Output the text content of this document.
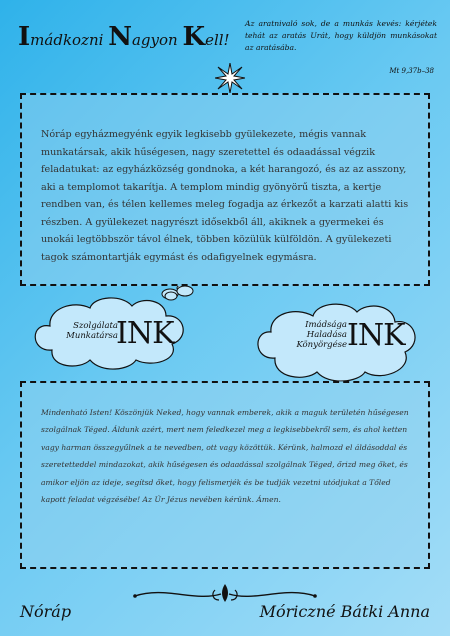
Imádkozni Nagyon Kell!
Az aratnivaló sok, de a munkás kevés: kérjétek tehát az aratás Urát, hogy küldjön munkásokat az aratásába.
Mt 9,37b–38
Nóráp egyházmegyénk egyik legkisebb gyülekezete, mégis vannak munkatársak, akik hűségesen, nagy szeretettel és odaadással végzik feladatukat: az egyházközség gondnoka, a két harangozó, és az az asszony, aki a templomot takarítja. A templom mindig gyönyörű tiszta, a kertje rendben van, és télen kellemes meleg fogadja az érkezőt a karzati alatti kis részben. A gyülekezet nagyrészt idősekből áll, akiknek a gyermekei és unokái legtöbbször távol élnek, többen közülük külföldön. A gyülekezeti tagok számontartják egymást és odafigyelnek egymásra.
Szolgálata
Munkatársa
INK	Imádsága
Haladása
Könyörgése INK
Mindenható Isten! Köszönjük Neked, hogy vannak emberek, akik a maguk területén hűségesen szolgálnak Téged. Áldunk azért, mert nem feledkezel meg a legkisebbekről sem, és ahol ketten vagy harman összegyűlnek a te nevedben, ott vagy közöttük. Kérünk, halmozd el áldásoddal és szeretetteddel mindazokat, akik hűségesen és odaadással szolgálnak Téged, őrizd meg őket, és amikor eljön az ideje, segítsd őket, hogy felismerjék és be tudják vezetni utódjukat a Tőled kapott feladat végzésébe! Az Úr Jézus nevében kérünk. Ámen.
Nóráp	Móriczné Bátki Anna
